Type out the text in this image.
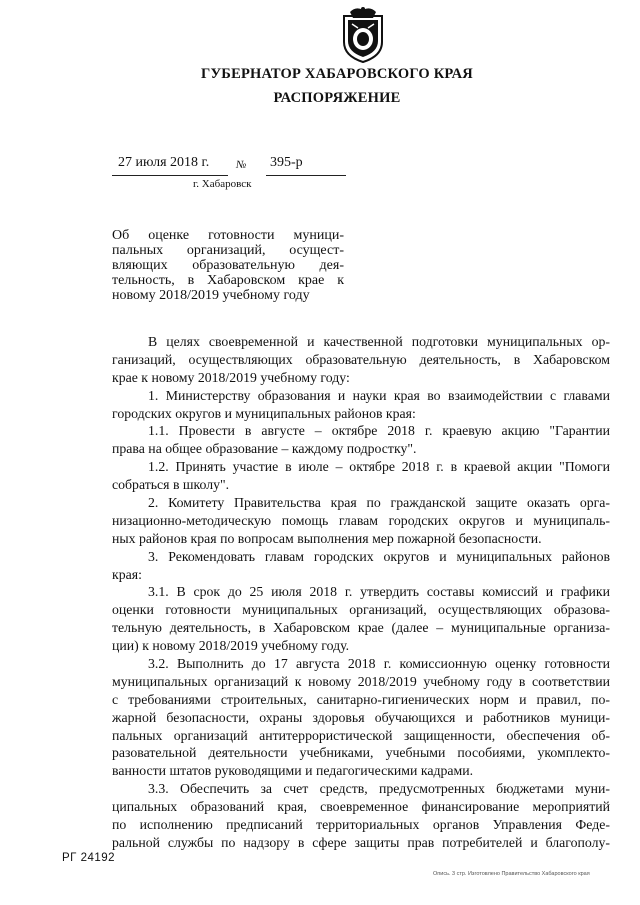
ГУБЕРНАТОР ХАБАРОВСКОГО КРАЯ
РАСПОРЯЖЕНИЕ
27 июля 2018 г. № 395-р
г. Хабаровск
Об оценке готовности муници-
пальных организаций, осущест-
вляющих образовательную дея-
тельность, в Хабаровском крае к
новому 2018/2019 учебному году
В целях своевременной и качественной подготовки муниципальных ор-
ганизаций, осуществляющих образовательную деятельность, в Хабаровском
крае к новому 2018/2019 учебному году:
1. Министерству образования и науки края во взаимодействии с главами
городских округов и муниципальных районов края:
1.1. Провести в августе – октябре 2018 г. краевую акцию "Гарантии
права на общее образование – каждому подростку".
1.2. Принять участие в июле – октябре 2018 г. в краевой акции "Помоги
собраться в школу".
2. Комитету Правительства края по гражданской защите оказать орга-
низационно-методическую помощь главам городских округов и муниципаль-
ных районов края по вопросам выполнения мер пожарной безопасности.
3. Рекомендовать главам городских округов и муниципальных районов
края:
3.1. В срок до 25 июля 2018 г. утвердить составы комиссий и графики
оценки готовности муниципальных организаций, осуществляющих образова-
тельную деятельность, в Хабаровском крае (далее – муниципальные организа-
ции) к новому 2018/2019 учебному году.
3.2. Выполнить до 17 августа 2018 г. комиссионную оценку готовности
муниципальных организаций к новому 2018/2019 учебному году в соответствии
с требованиями строительных, санитарно-гигиенических норм и правил, по-
жарной безопасности, охраны здоровья обучающихся и работников муници-
пальных организаций антитеррористической защищенности, обеспечения об-
разовательной деятельности учебниками, учебными пособиями, укомплекто-
ванности штатов руководящими и педагогическими кадрами.
3.3. Обеспечить за счет средств, предусмотренных бюджетами муни-
ципальных образований края, своевременное финансирование мероприятий
по исполнению предписаний территориальных органов Управления Феде-
ральной службы по надзору в сфере защиты прав потребителей и благополу-
РГ 24192
Опись. 3 стр. Изготовлено Правительство Хабаровского края
